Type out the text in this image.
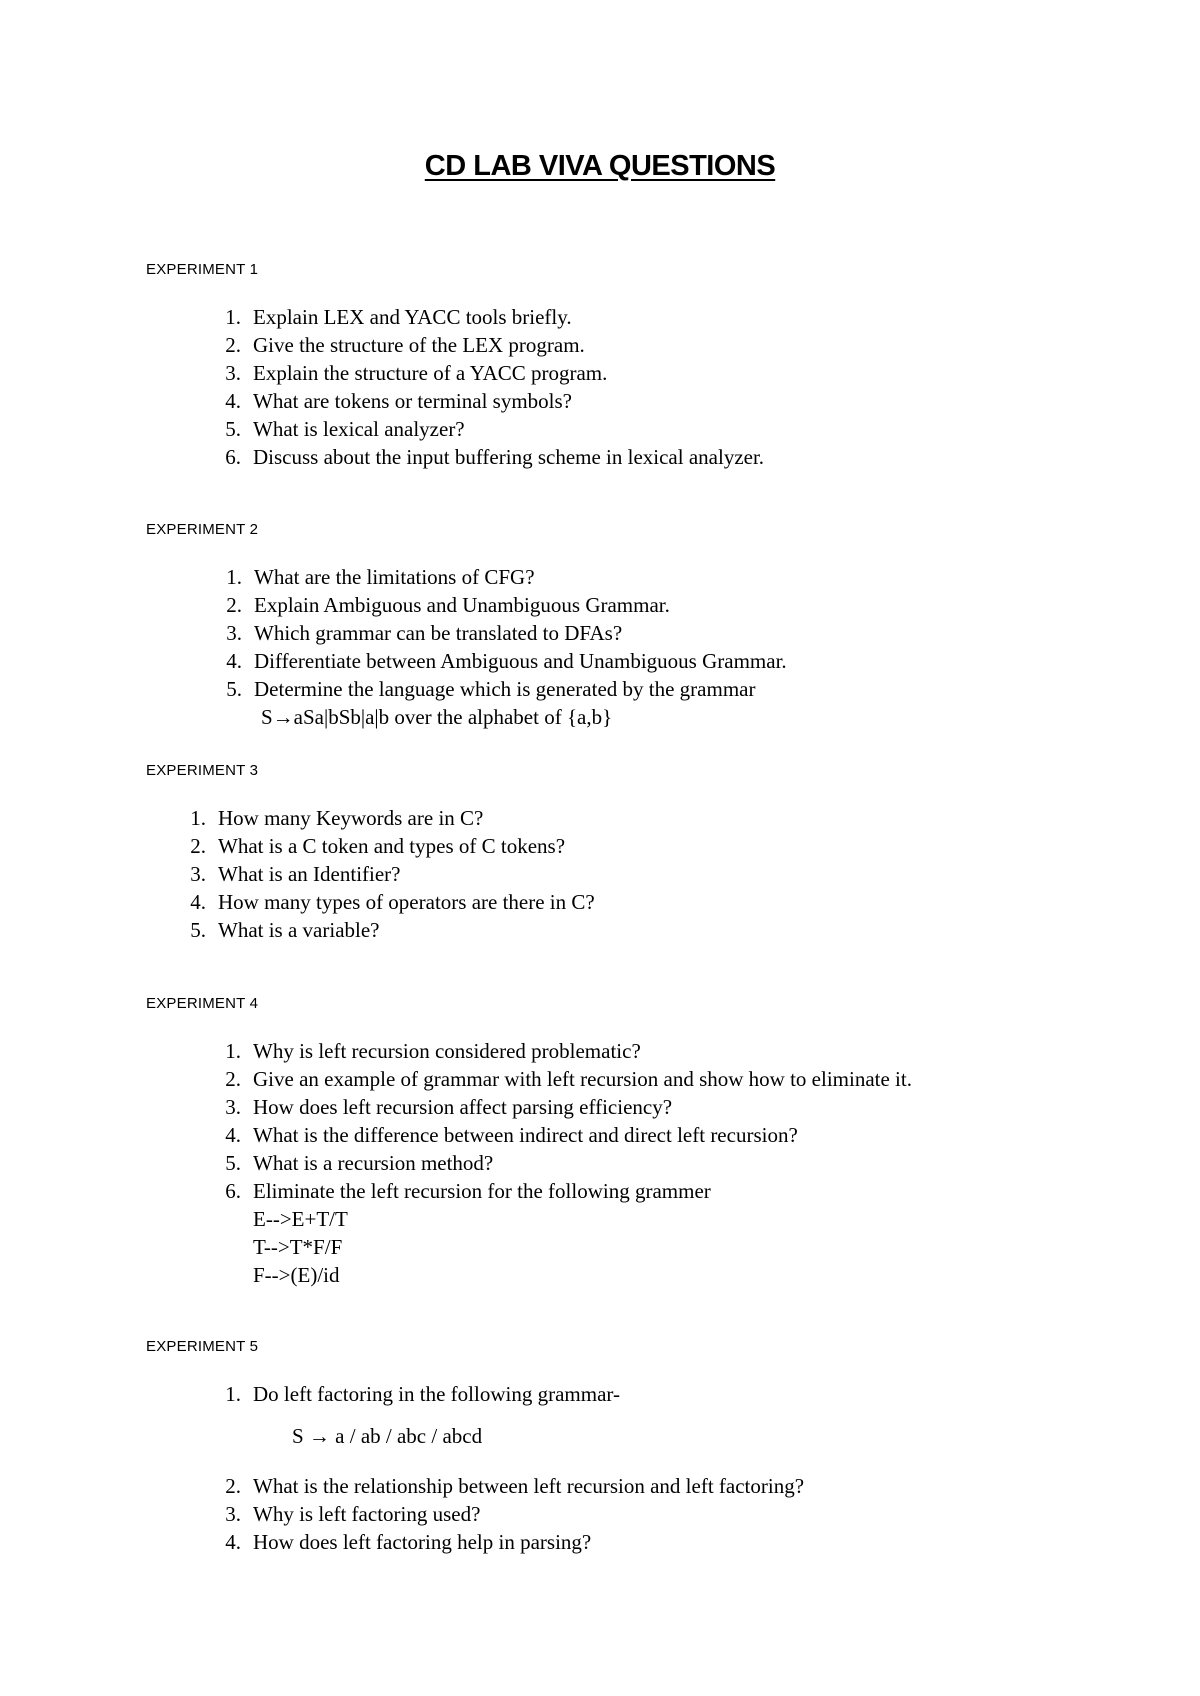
CD LAB VIVA QUESTIONS
EXPERIMENT 1
1. Explain LEX and YACC tools briefly.
2. Give the structure of the LEX program.
3. Explain the structure of a YACC program.
4. What are tokens or terminal symbols?
5. What is lexical analyzer?
6. Discuss about the input buffering scheme in lexical analyzer.
EXPERIMENT 2
1. What are the limitations of CFG?
2. Explain Ambiguous and Unambiguous Grammar.
3. Which grammar can be translated to DFAs?
4. Differentiate between Ambiguous and Unambiguous Grammar.
5. Determine the language which is generated by the grammar
S→aSa|bSb|a|b over the alphabet of {a,b}
EXPERIMENT 3
1. How many Keywords are in C?
2. What is a C token and types of C tokens?
3. What is an Identifier?
4. How many types of operators are there in C?
5. What is a variable?
EXPERIMENT 4
1. Why is left recursion considered problematic?
2. Give an example of grammar with left recursion and show how to eliminate it.
3. How does left recursion affect parsing efficiency?
4. What is the difference between indirect and direct left recursion?
5. What is a recursion method?
6. Eliminate the left recursion for the following grammer
E-->E+T/T
T-->T*F/F
F-->(E)/id
EXPERIMENT 5
1. Do left factoring in the following grammar-
S → a / ab / abc / abcd
2. What is the relationship between left recursion and left factoring?
3. Why is left factoring used?
4. How does left factoring help in parsing?
